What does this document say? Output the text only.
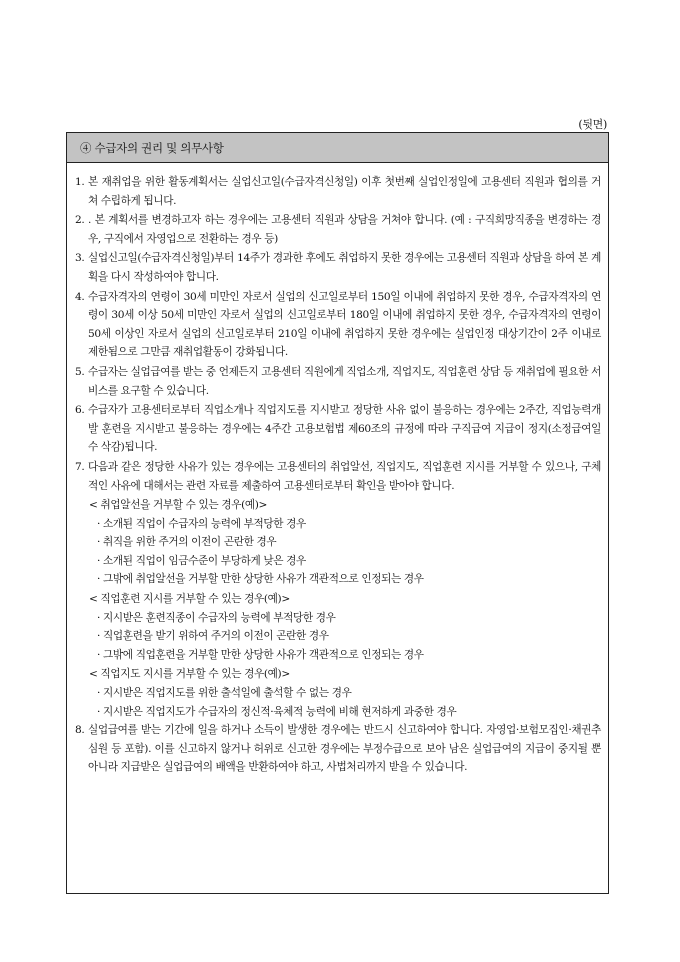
(뒷면)
④ 수급자의 권리 및 의무사항
1. 본 재취업을 위한 활동계획서는 실업신고일(수급자격신청일) 이후 첫번째 실업인정일에 고용센터 직원과 협의를 거쳐 수립하게 됩니다.
2. . 본 계획서를 변경하고자 하는 경우에는 고용센터 직원과 상담을 거쳐야 합니다. (예 : 구직희망직종을 변경하는 경우, 구직에서 자영업으로 전환하는 경우 등)
3. 실업신고일(수급자격신청일)부터 14주가 경과한 후에도 취업하지 못한 경우에는 고용센터 직원과 상담을 하여 본 계획을 다시 작성하여야 합니다.
4. 수급자격자의 연령이 30세 미만인 자로서 실업의 신고일로부터 150일 이내에 취업하지 못한 경우, 수급자격자의 연령이 30세 이상 50세 미만인 자로서 실업의 신고일로부터 180일 이내에 취업하지 못한 경우, 수급자격자의 연령이 50세 이상인 자로서 실업의 신고일로부터 210일 이내에 취업하지 못한 경우에는 실업인정 대상기간이 2주 이내로 제한됨으로 그만큼 재취업활동이 강화됩니다.
5. 수급자는 실업급여를 받는 중 언제든지 고용센터 직원에게 직업소개, 직업지도, 직업훈련 상담 등 재취업에 필요한 서비스를 요구할 수 있습니다.
6. 수급자가 고용센터로부터 직업소개나 직업지도를 지시받고 정당한 사유 없이 불응하는 경우에는 2주간, 직업능력개발 훈련을 지시받고 불응하는 경우에는 4주간 고용보험법 제60조의 규정에 따라 구직급여 지급이 정지(소정급여일수 삭감)됩니다.
7. 다음과 같은 정당한 사유가 있는 경우에는 고용센터의 취업알선, 직업지도, 직업훈련 지시를 거부할 수 있으나, 구체적인 사유에 대해서는 관련 자료를 제출하여 고용센터로부터 확인을 받아야 합니다.
< 취업알선을 거부할 수 있는 경우(예)>
· 소개된 직업이 수급자의 능력에 부적당한 경우
· 취직을 위한 주거의 이전이 곤란한 경우
· 소개된 직업이 임금수준이 부당하게 낮은 경우
· 그밖에 취업알선을 거부할 만한 상당한 사유가 객관적으로 인정되는 경우
< 직업훈련 지시를 거부할 수 있는 경우(예)>
· 지시받은 훈련직종이 수급자의 능력에 부적당한 경우
· 직업훈련을 받기 위하여 주거의 이전이 곤란한 경우
· 그밖에 직업훈련을 거부할 만한 상당한 사유가 객관적으로 인정되는 경우
< 직업지도 지시를 거부할 수 있는 경우(예)>
· 지시받은 직업지도를 위한 출석일에 출석할 수 없는 경우
· 지시받은 직업지도가 수급자의 정신적·육체적 능력에 비해 현저하게 과중한 경우
8. 실업급여를 받는 기간에 일을 하거나 소득이 발생한 경우에는 반드시 신고하여야 합니다. 자영업·보험모집인·채권추심원 등 포함). 이를 신고하지 않거나 허위로 신고한 경우에는 부정수급으로 보아 남은 실업급여의 지급이 중지될 뿐 아니라 지급받은 실업급여의 배액을 반환하여야 하고, 사법처리까지 받을 수 있습니다.
